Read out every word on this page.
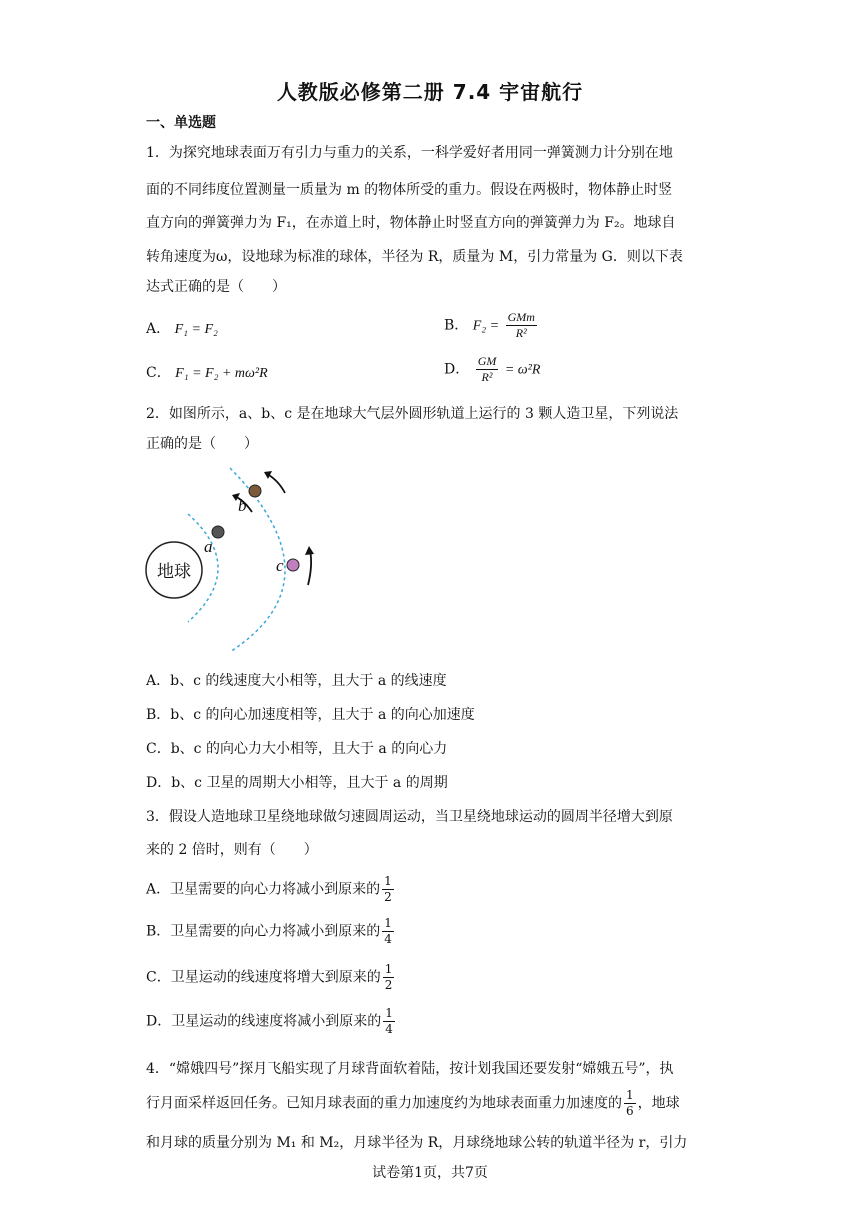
人教版必修第二册 7.4 宇宙航行
一、单选题
1．为探究地球表面万有引力与重力的关系，一科学爱好者用同一弹簧测力计分别在地
面的不同纬度位置测量一质量为 m 的物体所受的重力。假设在两极时，物体静止时竖
直方向的弹簧弹力为 F₁，在赤道上时，物体静止时竖直方向的弹簧弹力为 F₂。地球自
转角速度为ω，设地球为标准的球体，半径为 R，质量为 M，引力常量为 G．则以下表
达式正确的是（　　）
A． F₁ = F₂	B． $F_2 = \frac{\text{GMm}}{\text{R²}}$
C． F₁ = F₂ + mω²R	D． $\frac{GM}{\text{R²}} = \omega^2R$
2．如图所示，a、b、c 是在地球大气层外圆形轨道上运行的 3 颗人造卫星，下列说法
正确的是（　　）
地球
a
b
c
A．b、c 的线速度大小相等，且大于 a 的线速度
B．b、c 的向心加速度相等，且大于 a 的向心加速度
C．b、c 的向心力大小相等，且大于 a 的向心力
D．b、c 卫星的周期大小相等，且大于 a 的周期
3．假设人造地球卫星绕地球做匀速圆周运动，当卫星绕地球运动的圆周半径增大到原
来的 2 倍时，则有（　　）
A．卫星需要的向心力将减小到原来的 $\frac{1}{2}$
B．卫星需要的向心力将减小到原来的 $\frac{1}{4}$
C．卫星运动的线速度将增大到原来的 $\frac{1}{2}$
D．卫星运动的线速度将减小到原来的 $\frac{1}{4}$
4．“嫦娥四号”探月飞船实现了月球背面软着陆，按计划我国还要发射“嫦娥五号”，执
行月面采样返回任务。已知月球表面的重力加速度约为地球表面重力加速度的 $\frac{1}{6}$ ，地球
和月球的质量分别为 M₁ 和 M₂，月球半径为 R，月球绕地球公转的轨道半径为 r，引力
试卷第1页，共7页
